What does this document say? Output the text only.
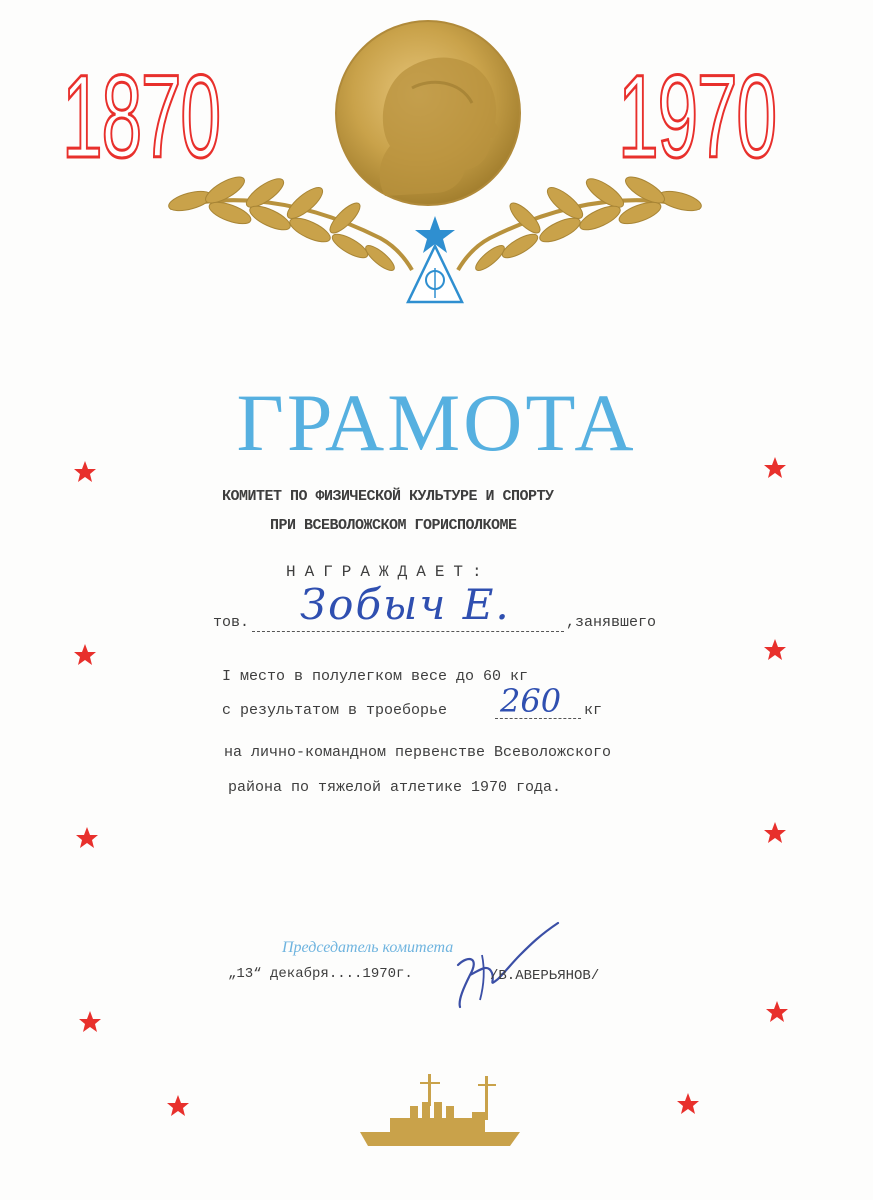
1870	1970
ГРАМОТА
КОМИТЕТ ПО ФИЗИЧЕСКОЙ КУЛЬТУРЕ И СПОРТУ
ПРИ ВСЕВОЛОЖСКОМ ГОРИСПОЛКОМЕ
НАГРАЖДАЕТ:
тов. Зобыч Е.	,занявшего
I место в полулегком весе до 60 кг
с результатом в троеборье 260 кг
на лично-командном первенстве Всеволожского
района по тяжелой атлетике 1970 года.
Председатель комитета
„13“ декабря....1970г.	/В.АВЕРЬЯНОВ/
